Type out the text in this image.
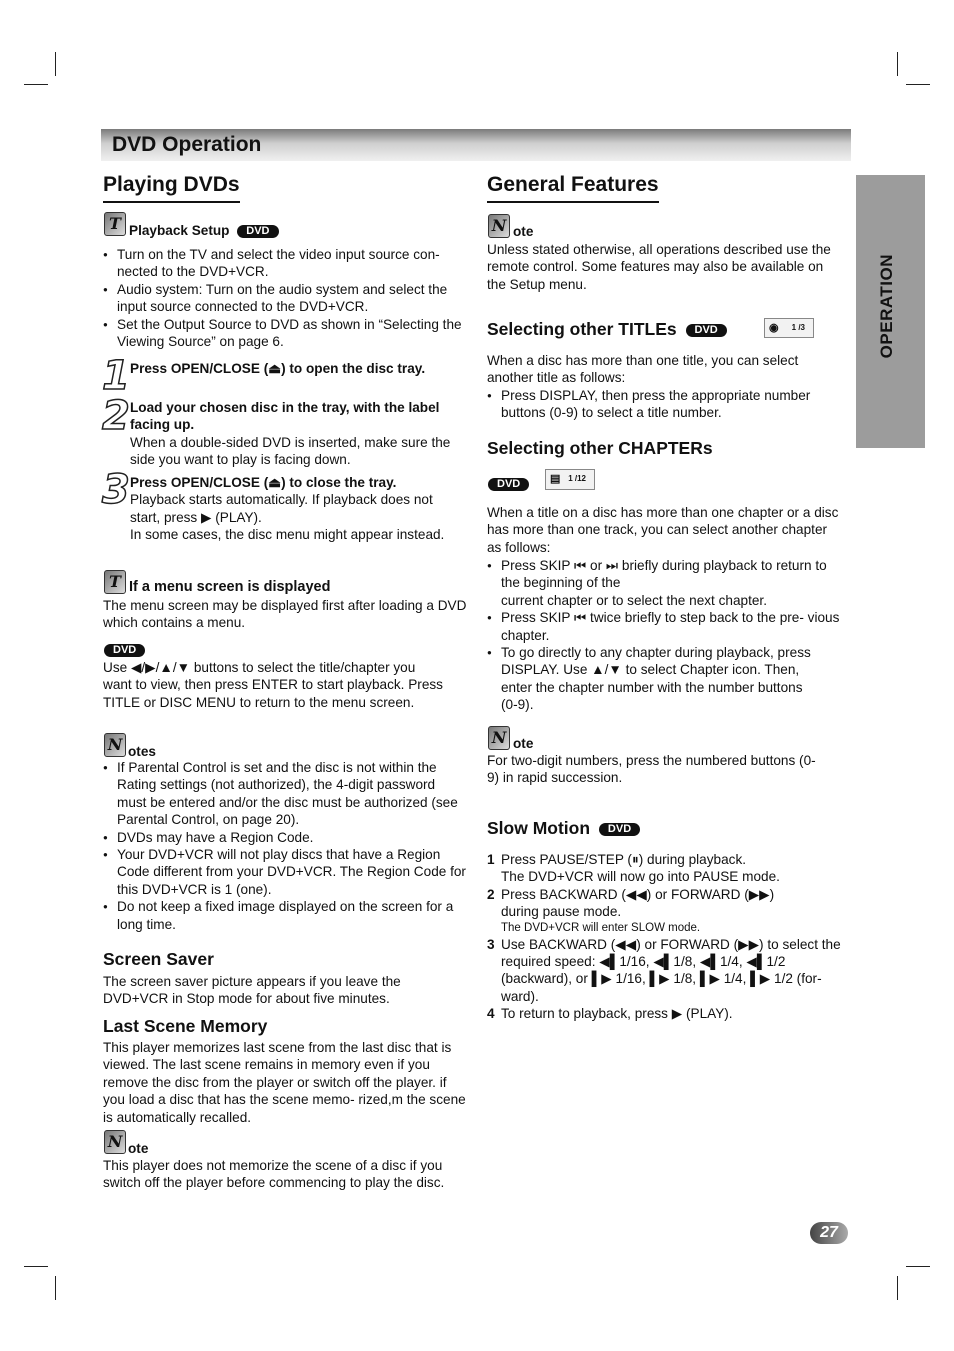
DVD Operation
OPERATION
Playing DVDs
T Playback Setup DVD
● Turn on the TV and select the video input source con- nected to the DVD+VCR.
● Audio system: Turn on the audio system and select the input source connected to the DVD+VCR.
● Set the Output Source to DVD as shown in “Selecting the Viewing Source” on page 6.
1 Press OPEN/CLOSE (⏏) to open the disc tray.
2 Load your chosen disc in the tray, with the label facing up.
When a double-sided DVD is inserted, make sure the side you want to play is facing down.
3 Press OPEN/CLOSE (⏏) to close the tray.
Playback starts automatically. If playback does not start, press ▶ (PLAY).
In some cases, the disc menu might appear instead.
T If a menu screen is displayed
The menu screen may be displayed first after loading a DVD which contains a menu.
DVD
Use ◀/▶/▲/▼ buttons to select the title/chapter you want to view, then press ENTER to start playback. Press TITLE or DISC MENU to return to the menu screen.
N otes
● If Parental Control is set and the disc is not within the Rating settings (not authorized), the 4-digit password must be entered and/or the disc must be authorized (see Parental Control, on page 20).
● DVDs may have a Region Code.
● Your DVD+VCR will not play discs that have a Region Code different from your DVD+VCR. The Region Code for this DVD+VCR is 1 (one).
● Do not keep a fixed image displayed on the screen for a long time.
Screen Saver
The screen saver picture appears if you leave the DVD+VCR in Stop mode for about five minutes.
Last Scene Memory
This player memorizes last scene from the last disc that is viewed. The last scene remains in memory even if you remove the disc from the player or switch off the player. if you load a disc that has the scene memo- rized,m the scene is automatically recalled.
N ote
This player does not memorize the scene of a disc if you switch off the player before commencing to play the disc.
General Features
N ote
Unless stated otherwise, all operations described use the remote control. Some features may also be available on the Setup menu.
Selecting other TITLEs DVD	◉ 1 /3
When a disc has more than one title, you can select another title as follows:
● Press DISPLAY, then press the appropriate number buttons (0-9) to select a title number.
Selecting other CHAPTERs
DVD	▤ 1 /12
When a title on a disc has more than one chapter or a disc has more than one track, you can select another chapter as follows:
● Press SKIP ⏮ or ⏭ briefly during playback to return to the beginning of the
current chapter or to select the next chapter.
● Press SKIP ⏮ twice briefly to step back to the pre- vious chapter.
● To go directly to any chapter during playback, press DISPLAY. Use ▲/▼ to select Chapter icon. Then, enter the chapter number with the number buttons (0-9).
N ote
For two-digit numbers, press the numbered buttons (0-9) in rapid succession.
Slow Motion DVD
1 Press PAUSE/STEP (⏸) during playback.
The DVD+VCR will now go into PAUSE mode.
2 Press BACKWARD (◀◀) or FORWARD (▶▶) during pause mode.
The DVD+VCR will enter SLOW mode.
3 Use BACKWARD (◀◀) or FORWARD (▶▶) to select the required speed: ◀▌1/16, ◀▌1/8, ◀▌1/4, ◀▌1/2 (backward), or ▌▶ 1/16, ▌▶ 1/8, ▌▶ 1/4, ▌▶ 1/2 (for- ward).
4 To return to playback, press ▶ (PLAY).
27
